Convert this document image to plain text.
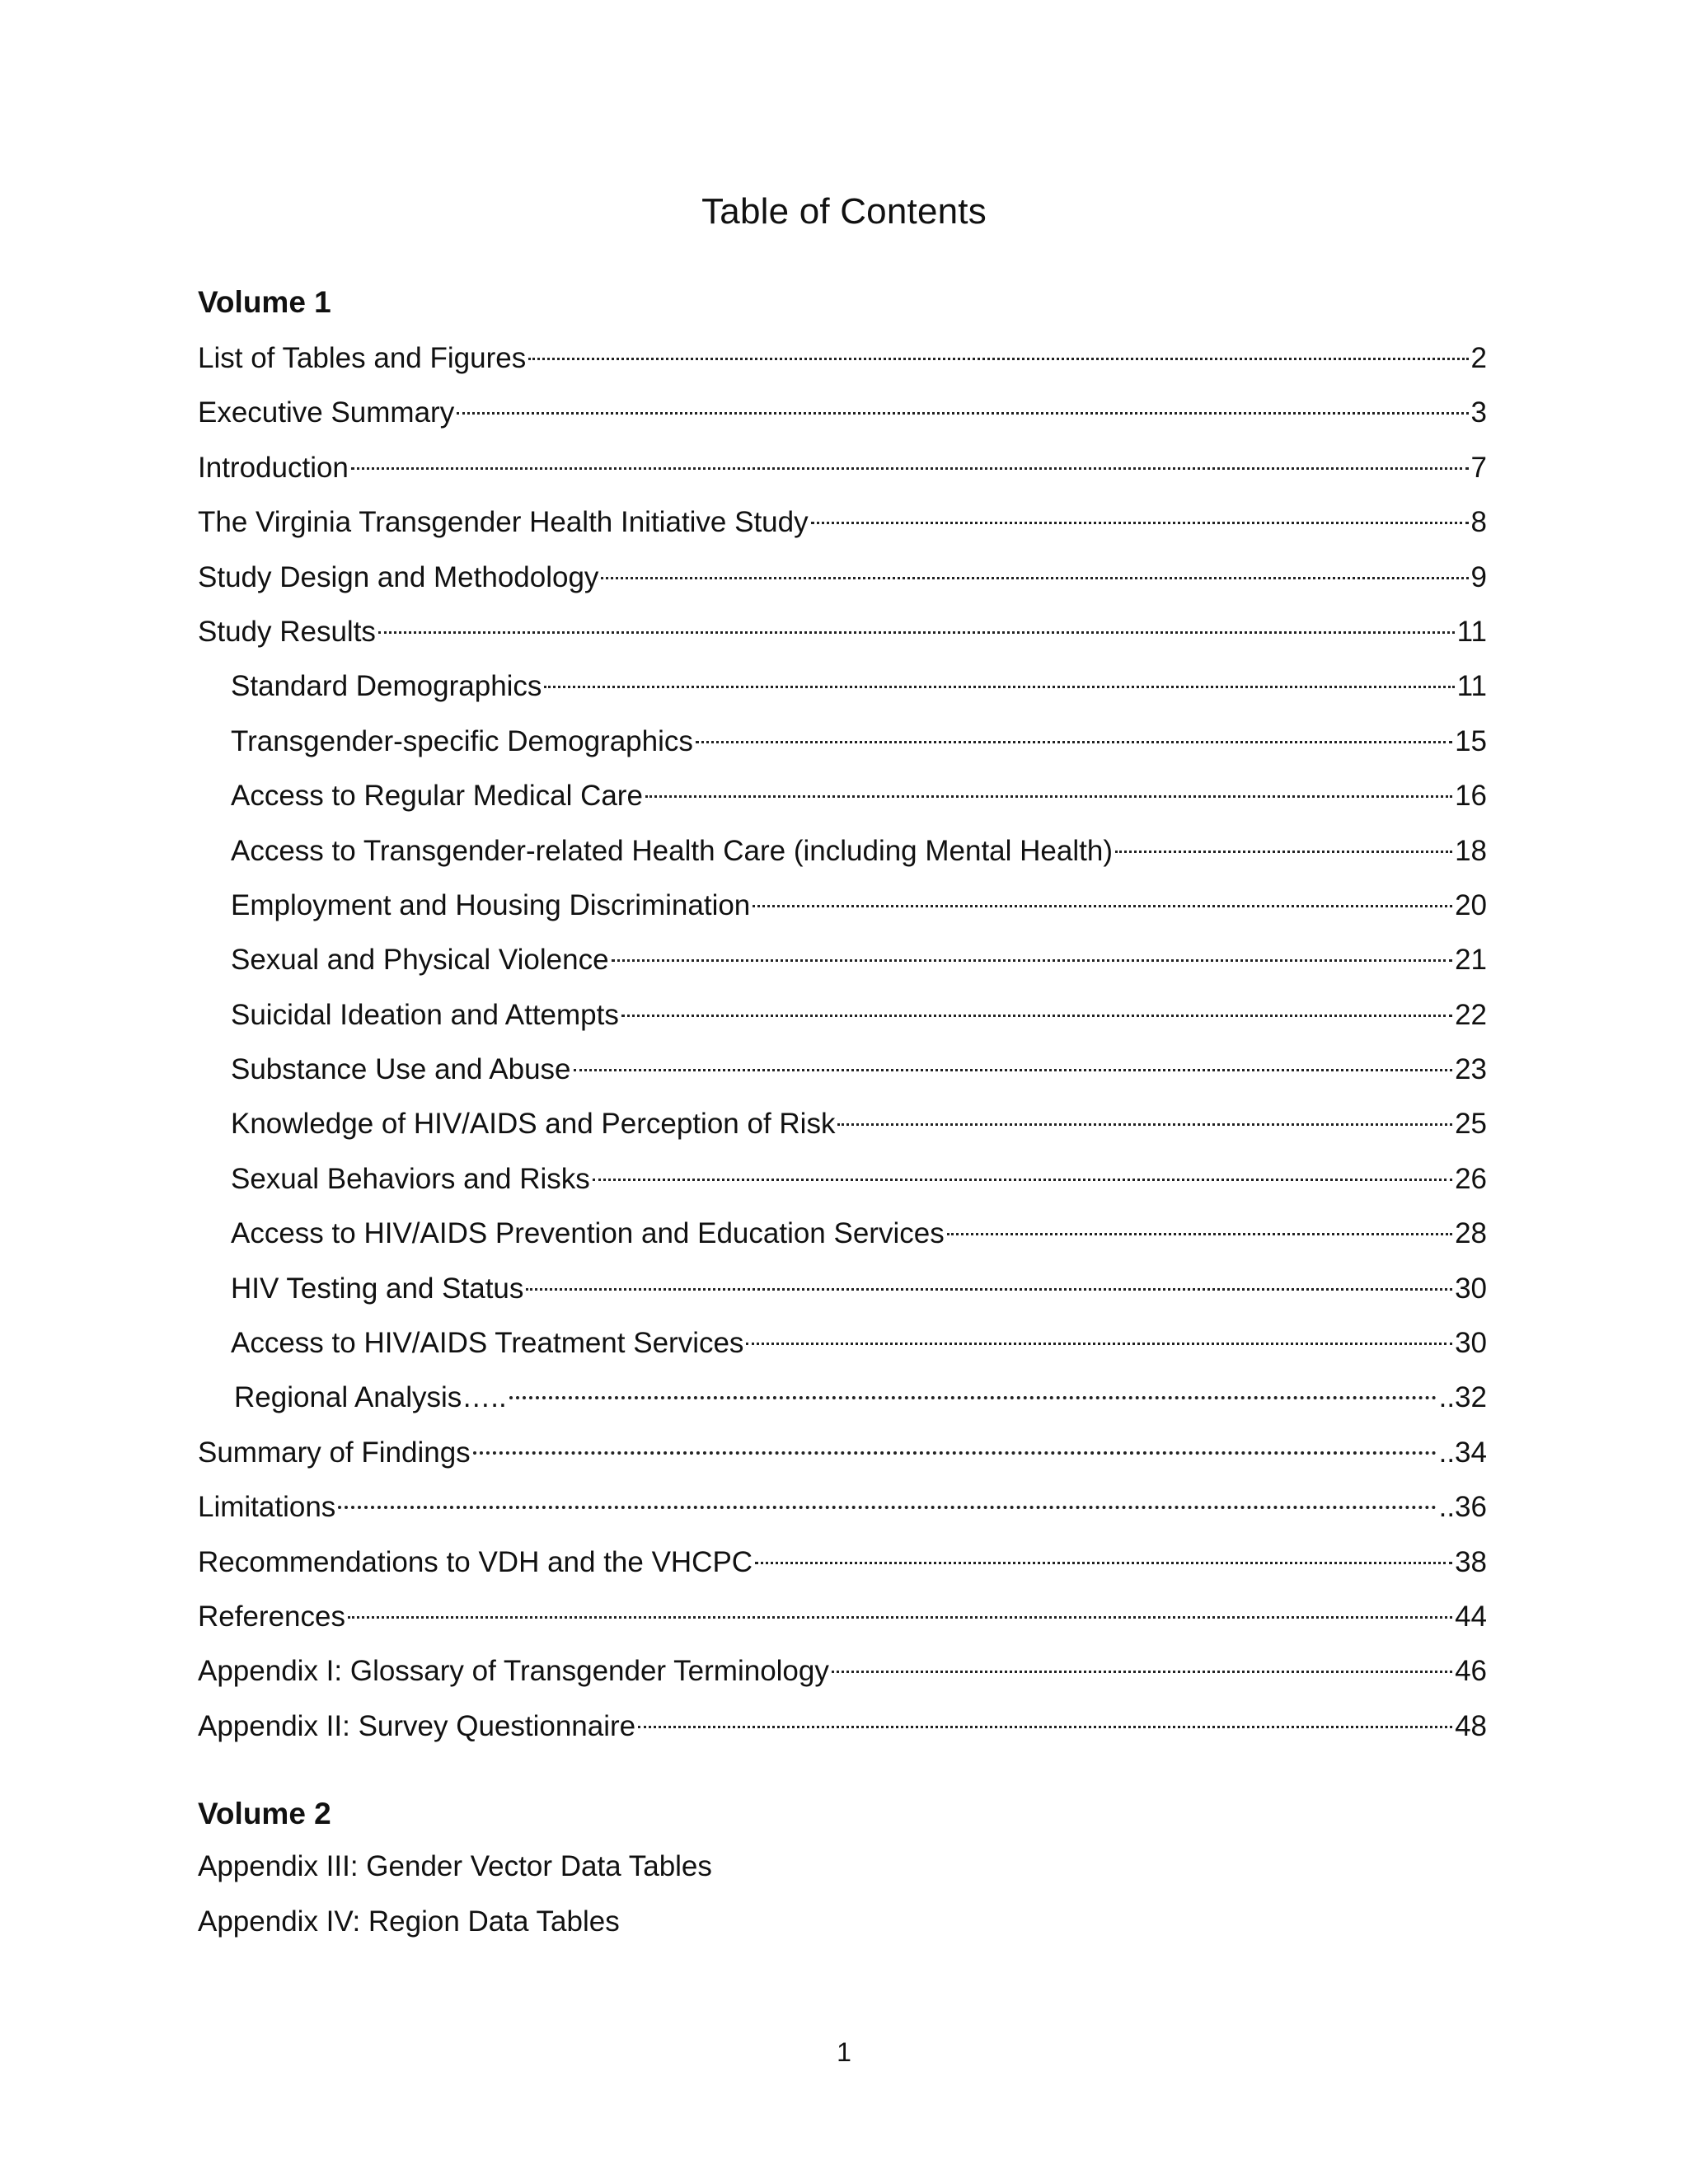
Table of Contents
Volume 1
List of Tables and Figures	2
Executive Summary	3
Introduction	7
The Virginia Transgender Health Initiative Study	8
Study Design and Methodology	9
Study Results	11
Standard Demographics	11
Transgender-specific Demographics	15
Access to Regular Medical Care	16
Access to Transgender-related Health Care (including Mental Health)	18
Employment and Housing Discrimination	20
Sexual and Physical Violence	21
Suicidal Ideation and Attempts	22
Substance Use and Abuse	23
Knowledge of HIV/AIDS and Perception of Risk	25
Sexual Behaviors and Risks	26
Access to HIV/AIDS Prevention and Education Services	28
HIV Testing and Status	30
Access to HIV/AIDS Treatment Services	30
Regional Analysis…..	..32
Summary of Findings	..34
Limitations	..36
Recommendations to VDH and the VHCPC	38
References	44
Appendix I: Glossary of Transgender Terminology	46
Appendix II: Survey Questionnaire	48
Volume 2
Appendix III: Gender Vector Data Tables
Appendix IV: Region Data Tables
1
